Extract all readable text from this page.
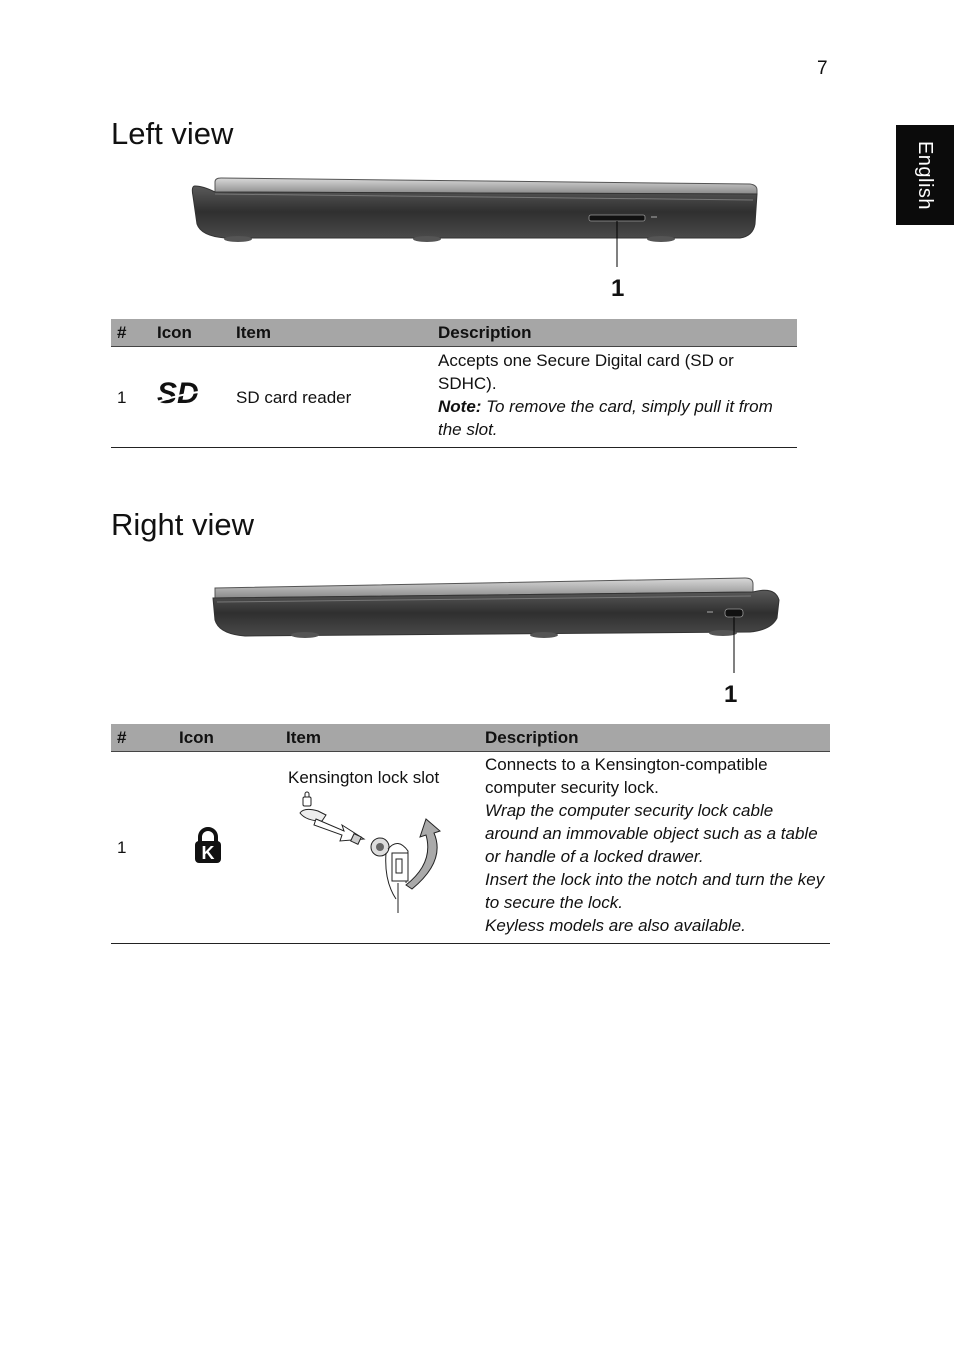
7
English
Left view
1
#	Icon	Item	Description
1	SD	SD card reader	Accepts one Secure Digital card (SD or SDHC).
Note: To remove the card, simply pull it from the slot.
Right view
1
#	Icon	Item	Description
1	K	Kensington lock slot	Connects to a Kensington-compatible computer security lock.
Wrap the computer security lock cable around an immovable object such as a table or handle of a locked drawer.
Insert the lock into the notch and turn the key to secure the lock.
Keyless models are also available.
